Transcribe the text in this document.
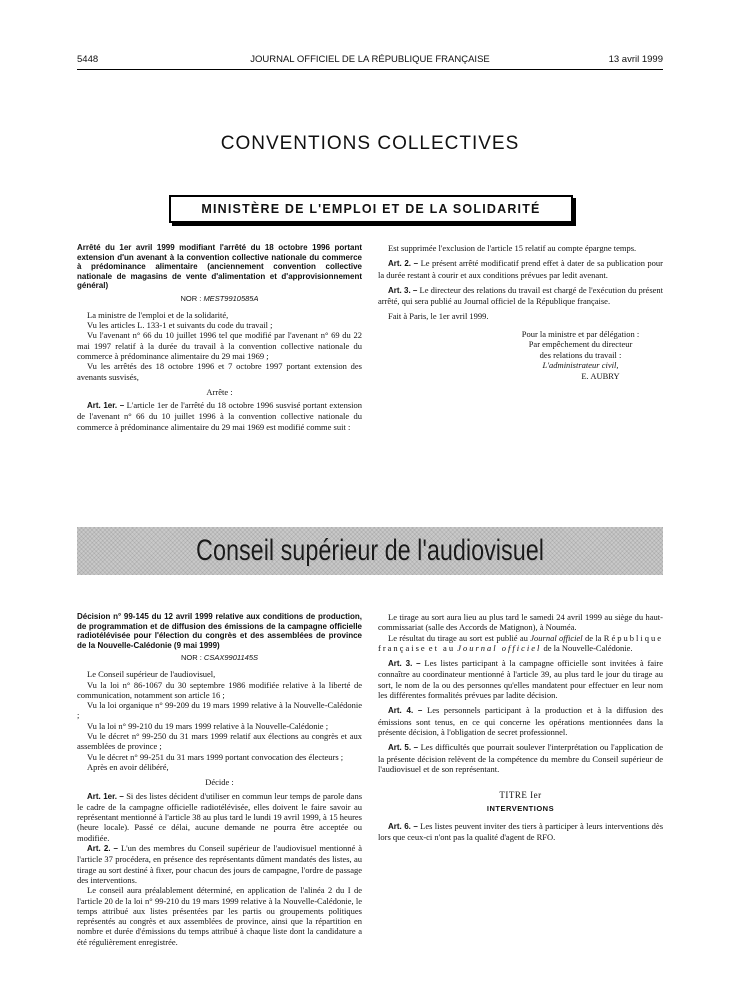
5448	JOURNAL OFFICIEL DE LA RÉPUBLIQUE FRANÇAISE	13 avril 1999
CONVENTIONS COLLECTIVES
MINISTÈRE DE L'EMPLOI ET DE LA SOLIDARITÉ

Arrêté du 1er avril 1999 modifiant l'arrêté du 18 octobre 1996 portant extension d'un avenant à la convention collective nationale du commerce à prédominance alimentaire (anciennement convention collective nationale de magasins de vente d'alimentation et d'approvisionnement général)

NOR : MEST9910585A

La ministre de l'emploi et de la solidarité,

Vu les articles L. 133-1 et suivants du code du travail ;

Vu l'avenant n° 66 du 10 juillet 1996 tel que modifié par l'avenant n° 69 du 22 mai 1997 relatif à la durée du travail à la convention collective nationale du commerce à prédominance alimentaire du 29 mai 1969 ;

Vu les arrêtés des 18 octobre 1996 et 7 octobre 1997 portant extension des avenants susvisés,

Arrête :

Art. 1er. – L'article 1er de l'arrêté du 18 octobre 1996 susvisé portant extension de l'avenant n° 66 du 10 juillet 1996 à la convention collective nationale du commerce à prédominance alimentaire du 29 mai 1969 est modifié comme suit :

Est supprimée l'exclusion de l'article 15 relatif au compte épargne temps.

Art. 2. – Le présent arrêté modificatif prend effet à dater de sa publication pour la durée restant à courir et aux conditions prévues par ledit avenant.

Art. 3. – Le directeur des relations du travail est chargé de l'exécution du présent arrêté, qui sera publié au Journal officiel de la République française.

Fait à Paris, le 1er avril 1999.

Pour la ministre et par délégation :
Par empêchement du directeur
des relations du travail :
L'administrateur civil,
E. AUBRY
Conseil supérieur de l'audiovisuel

Décision n° 99-145 du 12 avril 1999 relative aux conditions de production, de programmation et de diffusion des émissions de la campagne officielle radiotélévisée pour l'élection du congrès et des assemblées de province de la Nouvelle-Calédonie (9 mai 1999)

NOR : CSAX9901145S

Le Conseil supérieur de l'audiovisuel,

Vu la loi n° 86-1067 du 30 septembre 1986 modifiée relative à la liberté de communication, notamment son article 16 ;

Vu la loi organique n° 99-209 du 19 mars 1999 relative à la Nouvelle-Calédonie ;

Vu la loi n° 99-210 du 19 mars 1999 relative à la Nouvelle-Calédonie ;

Vu le décret n° 99-250 du 31 mars 1999 relatif aux élections au congrès et aux assemblées de province ;

Vu le décret n° 99-251 du 31 mars 1999 portant convocation des électeurs ;

Après en avoir délibéré,

Décide :

Art. 1er. – Si des listes décident d'utiliser en commun leur temps de parole dans le cadre de la campagne officielle radiotélévisée, elles doivent le faire savoir au représentant mentionné à l'article 38 au plus tard le lundi 19 avril 1999, à 15 heures (heure locale). Passé ce délai, aucune demande ne pourra être acceptée ou modifiée.

Art. 2. – L'un des membres du Conseil supérieur de l'audiovisuel mentionné à l'article 37 procédera, en présence des représentants dûment mandatés des listes, au tirage au sort destiné à fixer, pour chacun des jours de campagne, l'ordre de passage des interventions.

Le conseil aura préalablement déterminé, en application de l'alinéa 2 du I de l'article 20 de la loi n° 99-210 du 19 mars 1999 relative à la Nouvelle-Calédonie, le temps attribué aux listes présentées par les partis ou groupements politiques représentés au congrès et aux assemblées de province, ainsi que la répartition en nombre et durée d'émissions du temps attribué à chaque liste dont la candidature a été régulièrement enregistrée.

Le tirage au sort aura lieu au plus tard le samedi 24 avril 1999 au siège du haut-commissariat (salle des Accords de Matignon), à Nouméa.

Le résultat du tirage au sort est publié au Journal officiel de la République française et au Journal officiel de la Nouvelle-Calédonie.

Art. 3. – Les listes participant à la campagne officielle sont invitées à faire connaître au coordinateur mentionné à l'article 39, au plus tard le jour du tirage au sort, le nom de la ou des personnes qu'elles mandatent pour effectuer en leur nom les différentes formalités prévues par ladite décision.

Art. 4. – Les personnels participant à la production et à la diffusion des émissions sont tenus, en ce qui concerne les opérations mentionnées dans la présente décision, à l'obligation de secret professionnel.

Art. 5. – Les difficultés que pourrait soulever l'interprétation ou l'application de la présente décision relèvent de la compétence du membre du Conseil supérieur de l'audiovisuel et de son représentant.

TITRE Ier

INTERVENTIONS

Art. 6. – Les listes peuvent inviter des tiers à participer à leurs interventions dès lors que ceux-ci n'ont pas la qualité d'agent de RFO.
